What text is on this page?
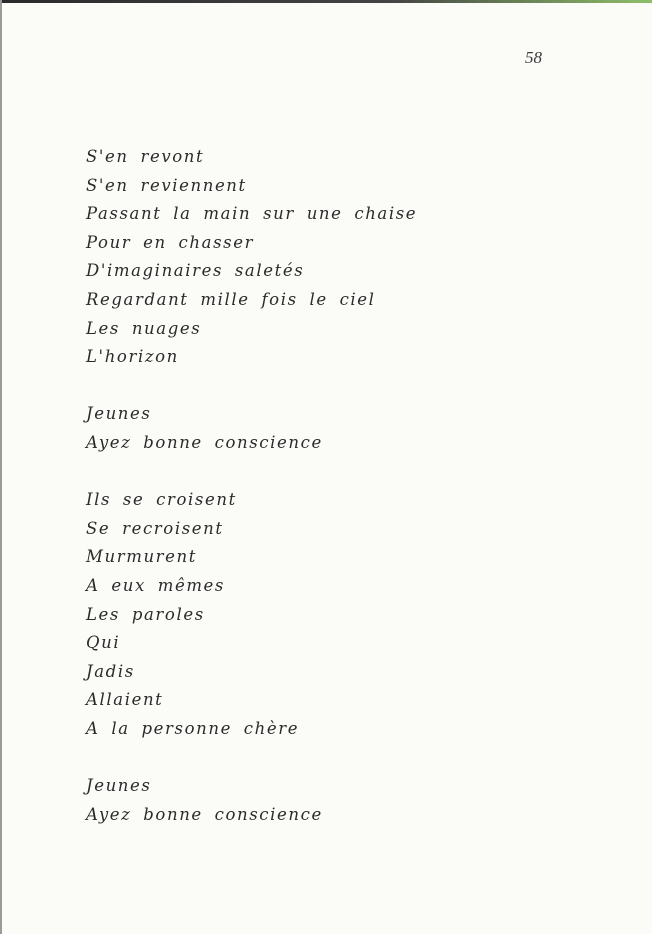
58

S'en revont
S'en reviennent
Passant la main sur une chaise
Pour en chasser
D'imaginaires saletés
Regardant mille fois le ciel
Les nuages
L'horizon
Jeunes
Ayez bonne conscience
Ils se croisent
Se recroisent
Murmurent
A eux mêmes
Les paroles
Qui
Jadis
Allaient
A la personne chère
Jeunes
Ayez bonne conscience
